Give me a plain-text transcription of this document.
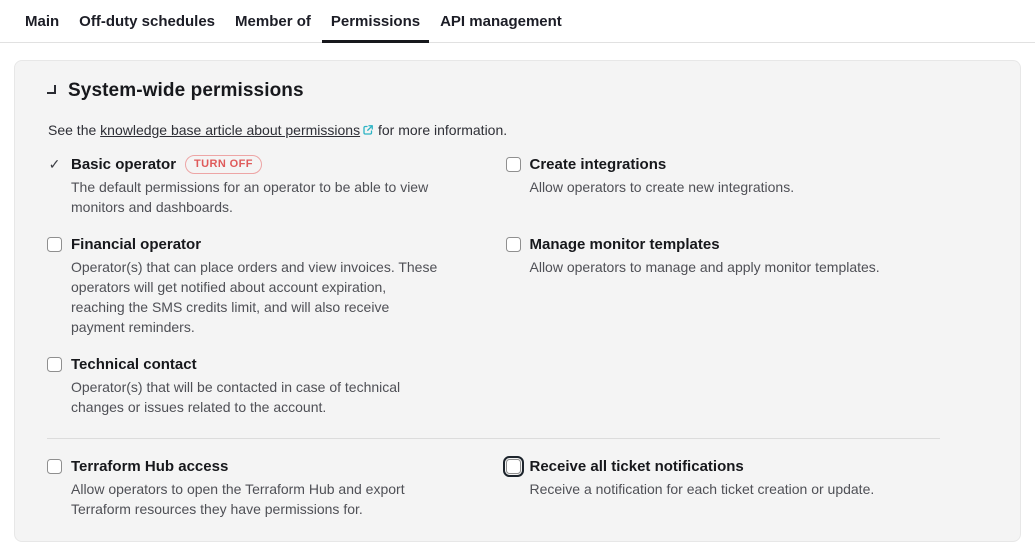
Main	Off-duty schedules	Member of	Permissions	API management
System-wide permissions

See the knowledge base article about permissions for more information.

✓ Basic operator	TURN OFF
The default permissions for an operator to be able to view monitors and dashboards.
Create integrations
Allow operators to create new integrations.
Financial operator
Operator(s) that can place orders and view invoices. These operators will get notified about account expiration, reaching the SMS credits limit, and will also receive payment reminders.
Manage monitor templates
Allow operators to manage and apply monitor templates.
Technical contact
Operator(s) that will be contacted in case of technical changes or issues related to the account.
Terraform Hub access
Allow operators to open the Terraform Hub and export Terraform resources they have permissions for.
Receive all ticket notifications
Receive a notification for each ticket creation or update.
